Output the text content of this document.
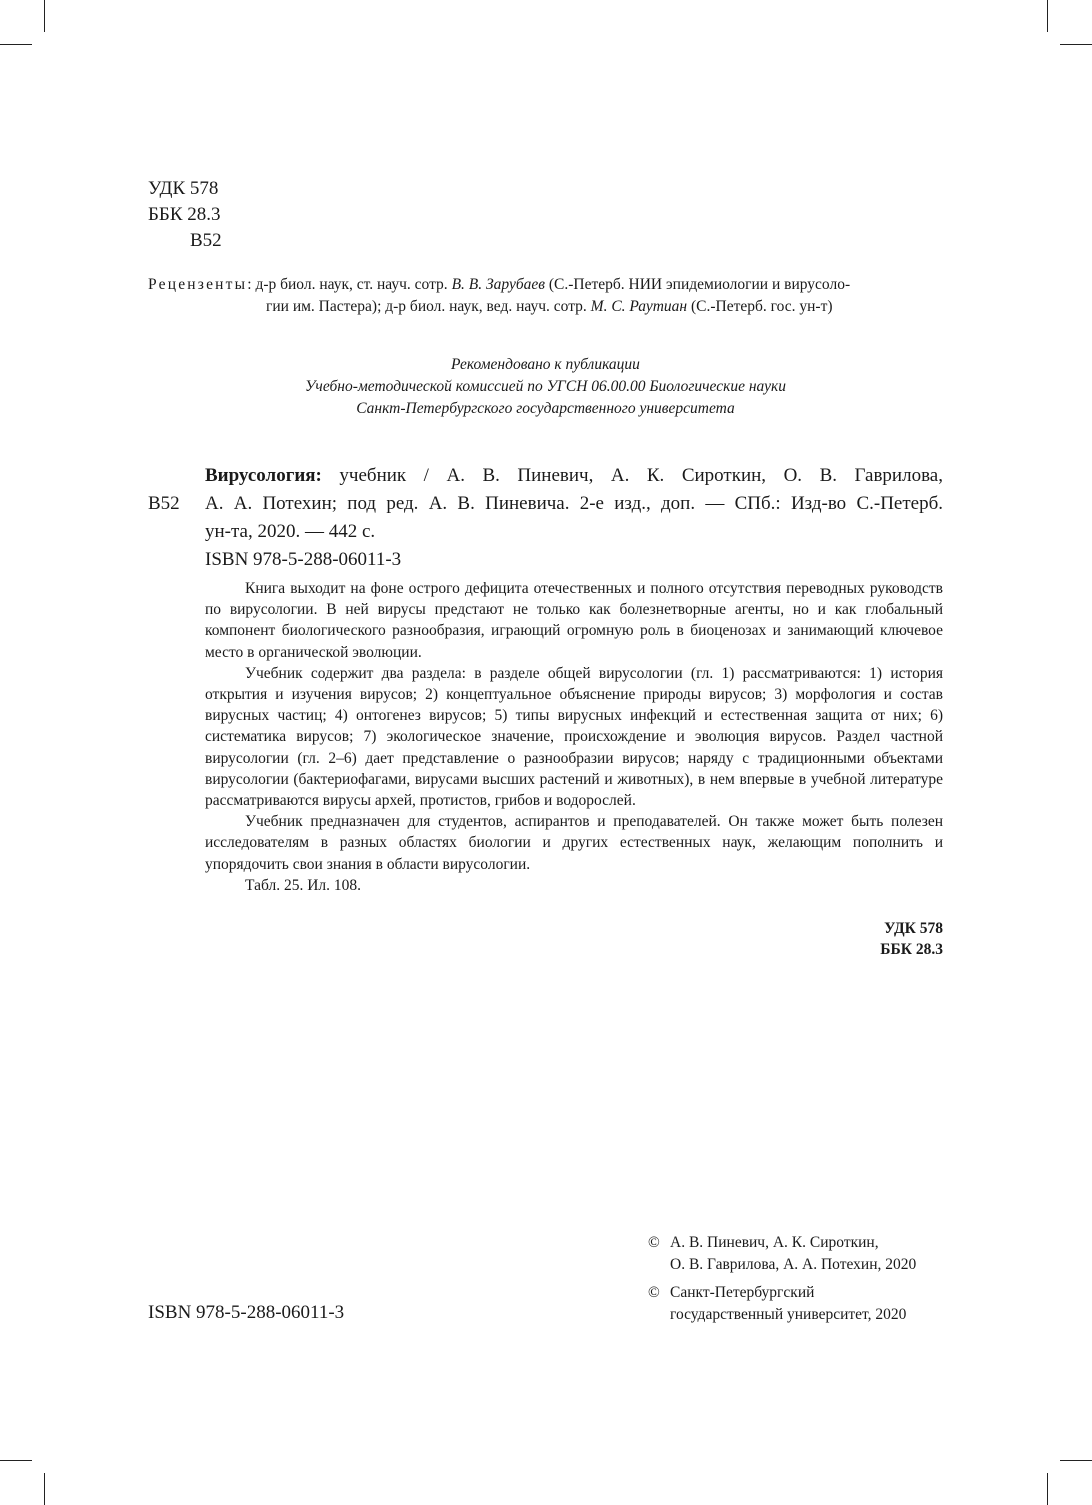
УДК 578
ББК 28.3
В52
Рецензенты: д-р биол. наук, ст. науч. сотр. В. В. Зарубаев (С.-Петерб. НИИ эпидемиологии и вирусоло-
гии им. Пастера); д-р биол. наук, вед. науч. сотр. М. С. Раутиан (С.-Петерб. гос. ун-т)
Рекомендовано к публикации
Учебно-методической комиссией по УГСН 06.00.00 Биологические науки
Санкт-Петербургского государственного университета
В52
Вирусология: учебник / А. В. Пиневич, А. К. Сироткин, О. В. Гаврилова,
А. А. Потехин; под ред. А. В. Пиневича. 2-е изд., доп. — СПб.: Изд-во С.-Петерб.
ун-та, 2020. — 442 с.
ISBN 978-5-288-06011-3

Книга выходит на фоне острого дефицита отечественных и полного отсутствия переводных руководств по вирусологии. В ней вирусы предстают не только как болезнетворные агенты, но и как глобальный компонент биологического разнообразия, играющий огромную роль в биоценозах и занимающий ключевое место в органической эволюции.

Учебник содержит два раздела: в разделе общей вирусологии (гл. 1) рассматриваются: 1) история открытия и изучения вирусов; 2) концептуальное объяснение природы вирусов; 3) морфология и состав вирусных частиц; 4) онтогенез вирусов; 5) типы вирусных инфекций и естественная защита от них; 6) систематика вирусов; 7) экологическое значение, происхождение и эволюция вирусов. Раздел частной вирусологии (гл. 2–6) дает представление о разнообразии вирусов; наряду с традиционными объектами вирусологии (бактериофагами, вирусами высших растений и животных), в нем впервые в учебной литературе рассматриваются вирусы архей, протистов, грибов и водорослей.

Учебник предназначен для студентов, аспирантов и преподавателей. Он также может быть полезен исследователям в разных областях биологии и других естественных наук, желающим пополнить и упорядочить свои знания в области вирусологии.

Табл. 25. Ил. 108.
УДК 578
ББК 28.3
ISBN 978-5-288-06011-3
© А. В. Пиневич, А. К. Сироткин,
О. В. Гаврилова, А. А. Потехин, 2020
© Санкт-Петербургский
государственный университет, 2020
